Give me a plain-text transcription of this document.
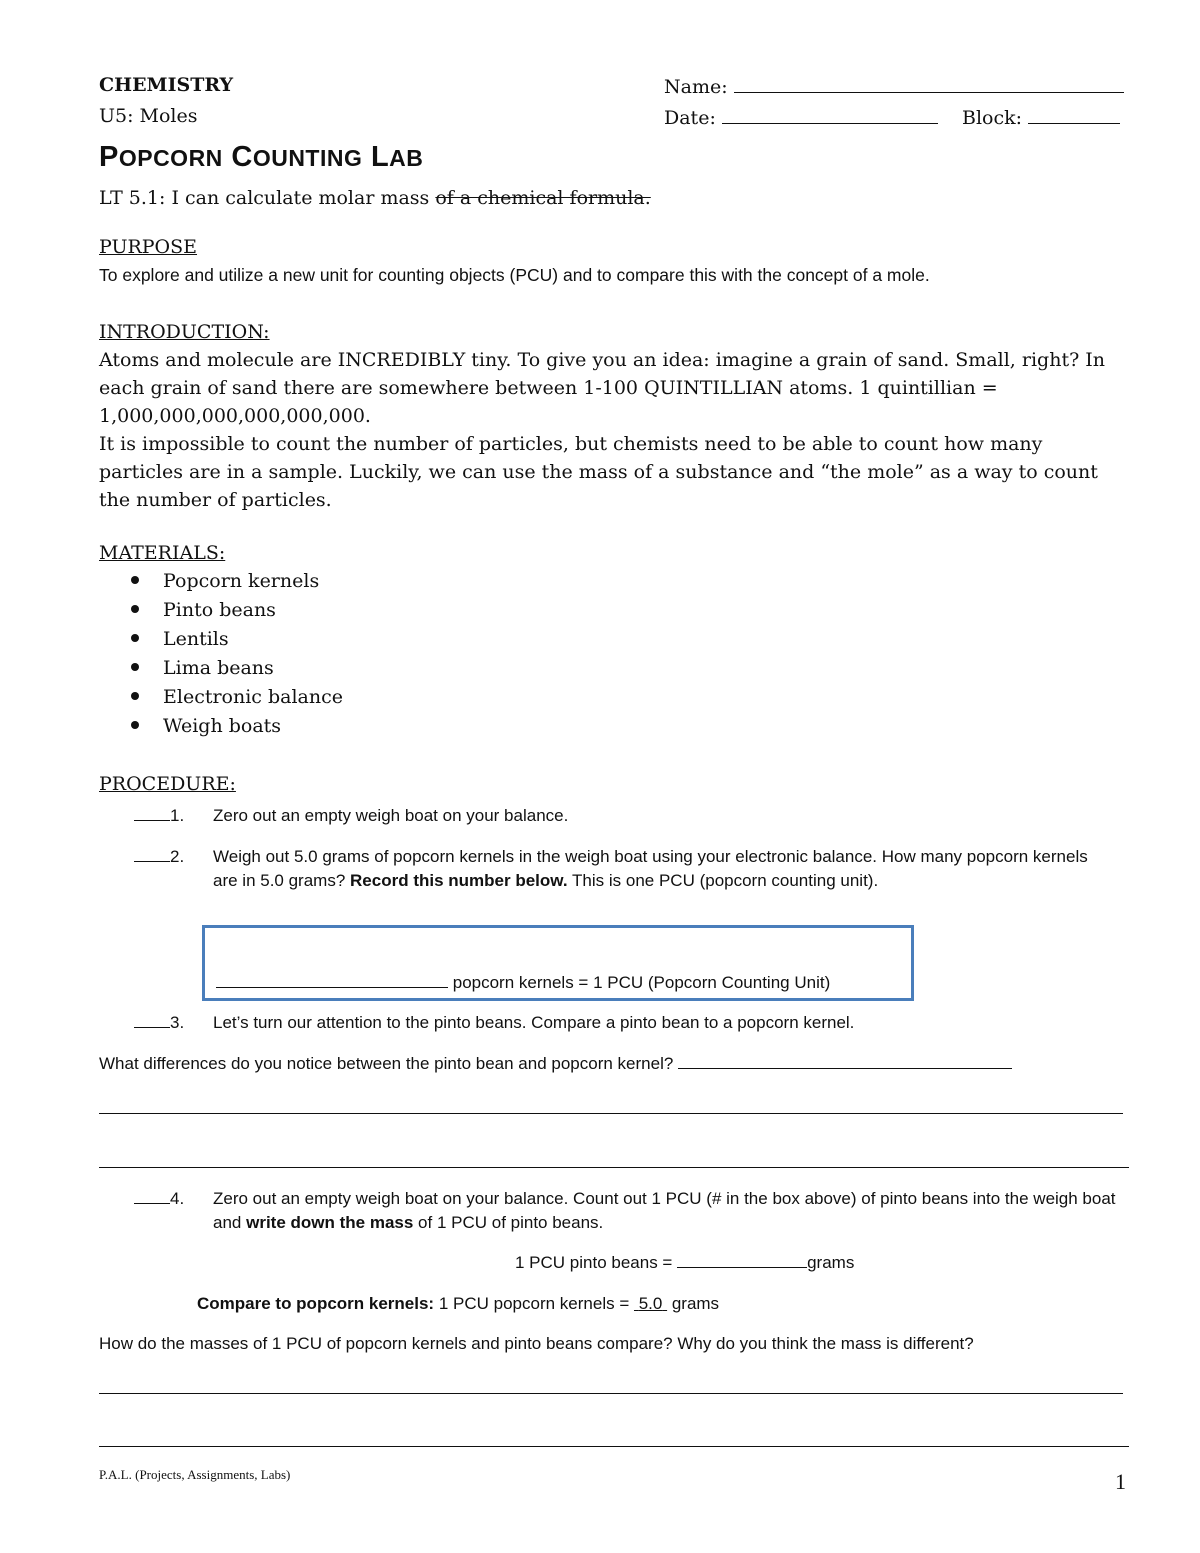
CHEMISTRY
U5: Moles
Name:
Date:	Block:
POPCORN COUNTING LAB
LT 5.1: I can calculate molar mass of a chemical formula.
PURPOSE
To explore and utilize a new unit for counting objects (PCU) and to compare this with the concept of a mole.
INTRODUCTION:
Atoms and molecule are INCREDIBLY tiny. To give you an idea: imagine a grain of sand. Small, right? In each grain of sand there are somewhere between 1-100 QUINTILLIAN atoms. 1 quintillian = 1,000,000,000,000,000,000.
It is impossible to count the number of particles, but chemists need to be able to count how many particles are in a sample. Luckily, we can use the mass of a substance and “the mole” as a way to count the number of particles.
MATERIALS:
Popcorn kernels
Pinto beans
Lentils
Lima beans
Electronic balance
Weigh boats
PROCEDURE:
1. Zero out an empty weigh boat on your balance.
2. Weigh out 5.0 grams of popcorn kernels in the weigh boat using your electronic balance. How many popcorn kernels are in 5.0 grams? Record this number below. This is one PCU (popcorn counting unit).
popcorn kernels = 1 PCU (Popcorn Counting Unit)
3. Let’s turn our attention to the pinto beans. Compare a pinto bean to a popcorn kernel.
What differences do you notice between the pinto bean and popcorn kernel?
4. Zero out an empty weigh boat on your balance. Count out 1 PCU (# in the box above) of pinto beans into the weigh boat and write down the mass of 1 PCU of pinto beans.
1 PCU pinto beans =	grams
Compare to popcorn kernels: 1 PCU popcorn kernels = 5.0 grams
How do the masses of 1 PCU of popcorn kernels and pinto beans compare? Why do you think the mass is different?
P.A.L. (Projects, Assignments, Labs)	1
